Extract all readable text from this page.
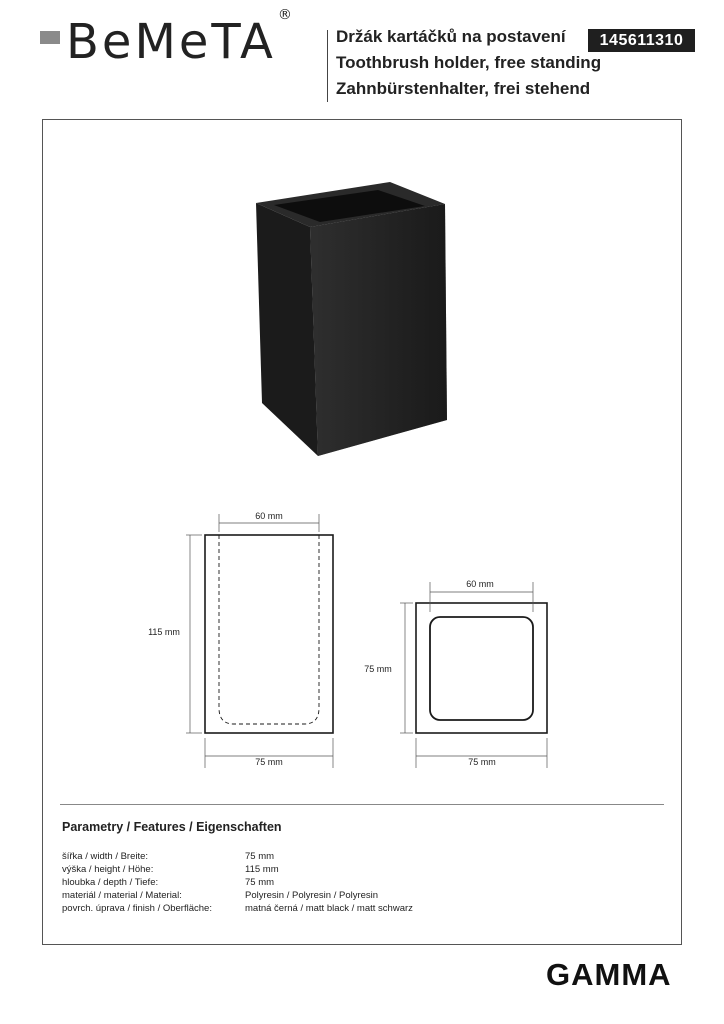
BeMeTA ®
Držák kartáčků na postavení
Toothbrush holder, free standing
Zahnbürstenhalter, frei stehend
145611310
60 mm
115 mm
75 mm
60 mm
75 mm
75 mm
Parametry / Features / Eigenschaften
šířka / width / Breite:	75 mm
výška / height / Höhe:	115 mm
hloubka / depth / Tiefe:	75 mm
materiál / material / Material:	Polyresin / Polyresin / Polyresin
povrch. úprava / finish / Oberfläche:	matná černá / matt black / matt schwarz
GAMMA
